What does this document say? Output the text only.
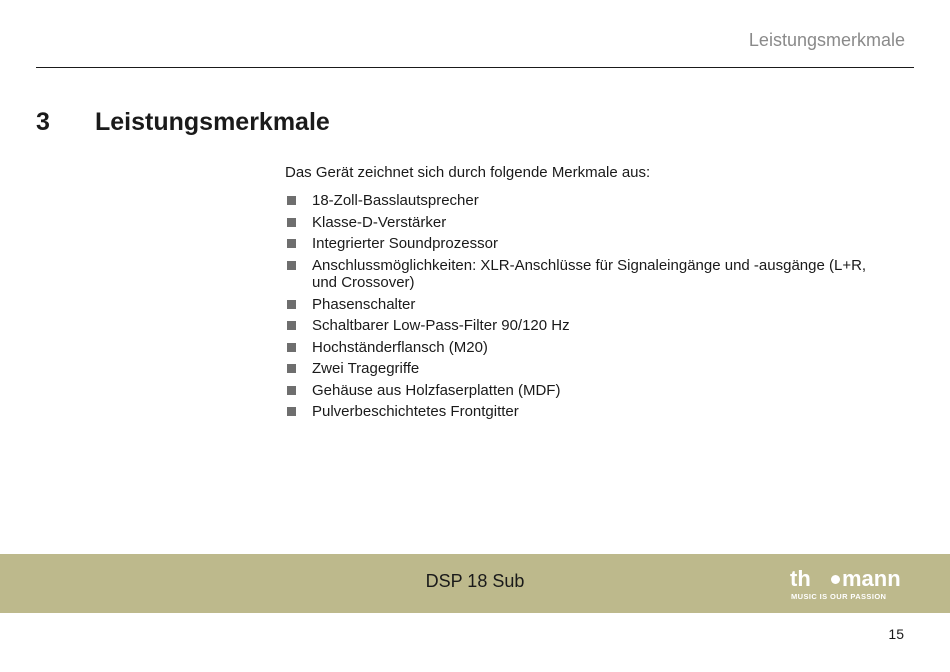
Leistungsmerkmale
3 Leistungsmerkmale
Das Gerät zeichnet sich durch folgende Merkmale aus:
18-Zoll-Basslautsprecher
Klasse-D-Verstärker
Integrierter Soundprozessor
Anschlussmöglichkeiten: XLR-Anschlüsse für Signaleingänge und -ausgänge (L+R, und Crossover)
Phasenschalter
Schaltbarer Low-Pass-Filter 90/120 Hz
Hochständerflansch (M20)
Zwei Tragegriffe
Gehäuse aus Holzfaserplatten (MDF)
Pulverbeschichtetes Frontgitter
DSP 18 Sub	th mann
MUSIC IS OUR PASSION
15
